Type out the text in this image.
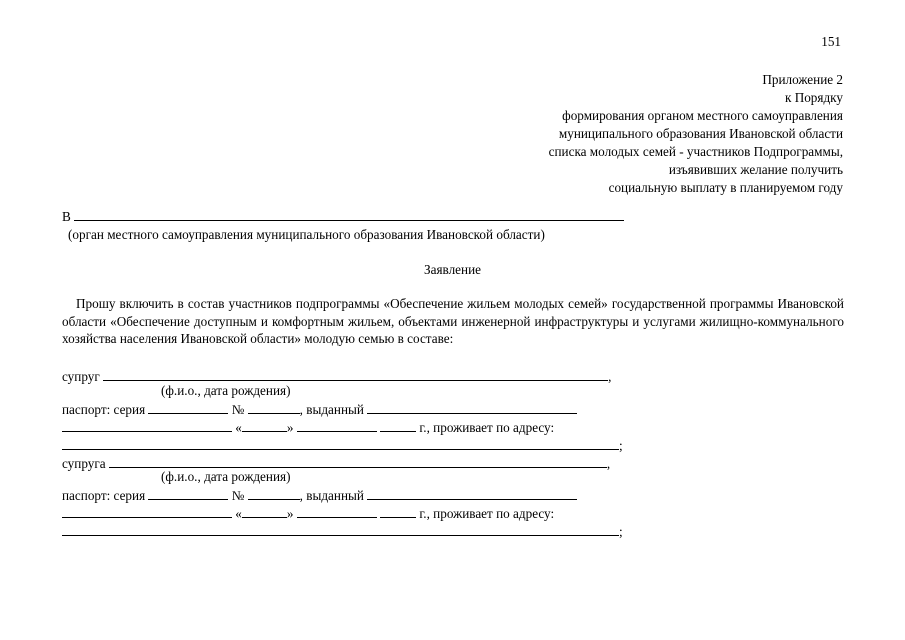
151
Приложение 2
к Порядку
формирования органом местного самоуправления
муниципального образования Ивановской области
списка молодых семей - участников Подпрограммы,
изъявивших желание получить
социальную выплату в планируемом году
В
(орган местного самоуправления муниципального образования Ивановской области)
Заявление
Прошу включить в состав участников подпрограммы «Обеспечение жильем молодых семей» государственной программы Ивановской области «Обеспечение доступным и комфортным жильем, объектами инженерной инфраструктуры и услугами жилищно-коммунального хозяйства населения Ивановской области» молодую семью в составе:
супруг	,
(ф.и.о., дата рождения)
паспорт: серия	№	, выданный
«	»	г., проживает по адресу:
;
супруга	,
(ф.и.о., дата рождения)
паспорт: серия	№	, выданный
«	»	г., проживает по адресу:
;
